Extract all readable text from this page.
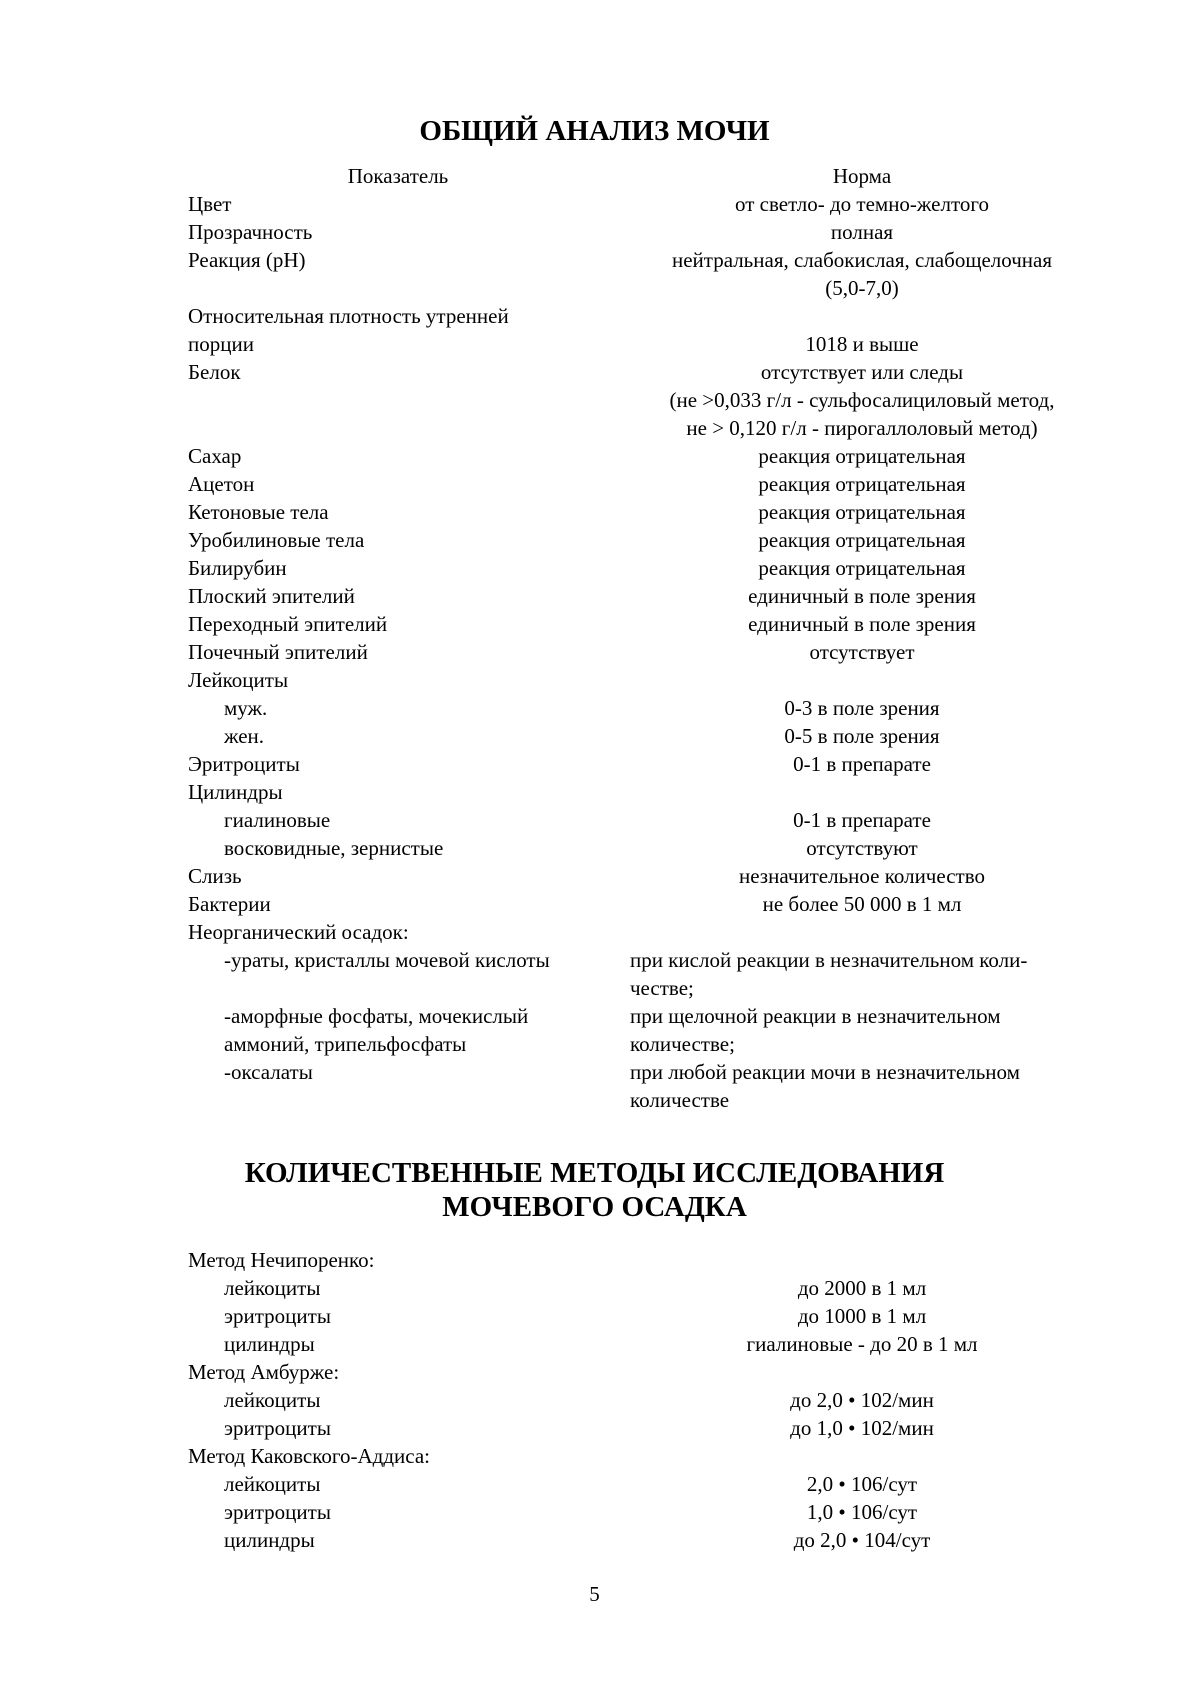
ОБЩИЙ АНАЛИЗ МОЧИ
Показатель	Норма
Цвет	от светло- до темно-желтого
Прозрачность	полная
Реакция (pH)	нейтральная, слабокислая, слабощелочная
(5,0-7,0)
Относительная плотность утренней
порции	1018 и выше
Белок	отсутствует или следы
(не >0,033 г/л - сульфосалициловый метод,
не > 0,120 г/л - пирогаллоловый метод)
Сахар	реакция отрицательная
Ацетон	реакция отрицательная
Кетоновые тела	реакция отрицательная
Уробилиновые тела	реакция отрицательная
Билирубин	реакция отрицательная
Плоский эпителий	единичный в поле зрения
Переходный эпителий	единичный в поле зрения
Почечный эпителий	отсутствует
Лейкоциты
муж.	0-3 в поле зрения
жен.	0-5 в поле зрения
Эритроциты	0-1 в препарате
Цилиндры
гиалиновые	0-1 в препарате
восковидные, зернистые	отсутствуют
Слизь	незначительное количество
Бактерии	не более 50 000 в 1 мл
Неорганический осадок:
-ураты, кристаллы мочевой кислоты	при кислой реакции в незначительном коли-
честве;
-аморфные фосфаты, мочекислый	при щелочной реакции в незначительном
аммоний, трипельфосфаты	количестве;
-оксалаты	при любой реакции мочи в незначительном
количестве
КОЛИЧЕСТВЕННЫЕ МЕТОДЫ ИССЛЕДОВАНИЯ
МОЧЕВОГО ОСАДКА
Метод Нечипоренко:
лейкоциты	до 2000 в 1 мл
эритроциты	до 1000 в 1 мл
цилиндры	гиалиновые - до 20 в 1 мл
Метод Амбурже:
лейкоциты	до 2,0 • 102/мин
эритроциты	до 1,0 • 102/мин
Метод Каковского-Аддиса:
лейкоциты	2,0 • 106/сут
эритроциты	1,0 • 106/сут
цилиндры	до 2,0 • 104/сут
5
